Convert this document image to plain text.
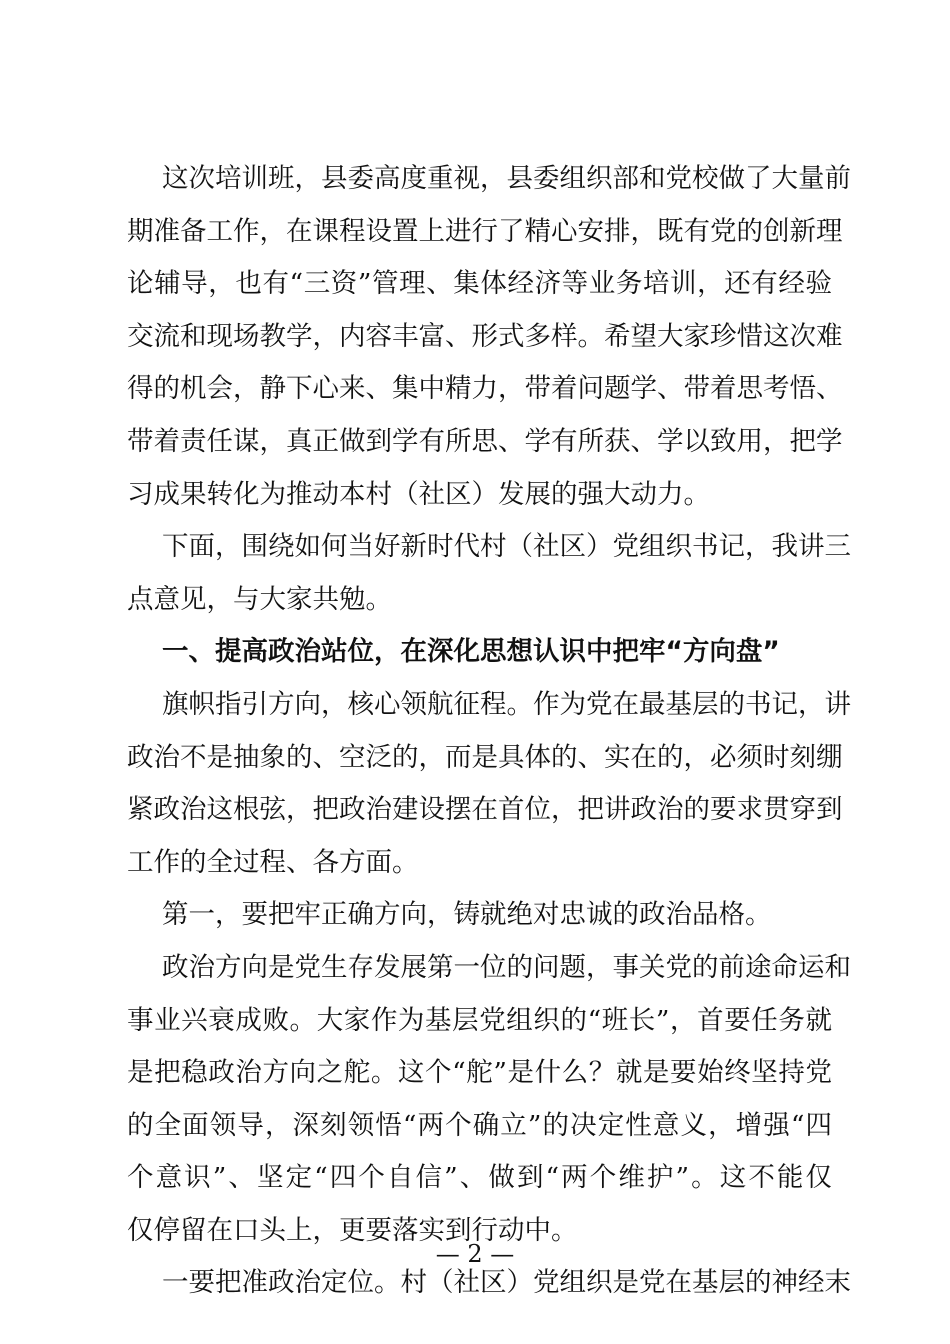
这次培训班，县委高度重视，县委组织部和党校做了大量前
期准备工作，在课程设置上进行了精心安排，既有党的创新理
论辅导，也有“三资”管理、集体经济等业务培训，还有经验
交流和现场教学，内容丰富、形式多样。希望大家珍惜这次难
得的机会，静下心来、集中精力，带着问题学、带着思考悟、
带着责任谋，真正做到学有所思、学有所获、学以致用，把学
习成果转化为推动本村（社区）发展的强大动力。
下面，围绕如何当好新时代村（社区）党组织书记，我讲三
点意见，与大家共勉。
一、提高政治站位，在深化思想认识中把牢“方向盘”
旗帜指引方向，核心领航征程。作为党在最基层的书记，讲
政治不是抽象的、空泛的，而是具体的、实在的，必须时刻绷
紧政治这根弦，把政治建设摆在首位，把讲政治的要求贯穿到
工作的全过程、各方面。
第一，要把牢正确方向，铸就绝对忠诚的政治品格。
政治方向是党生存发展第一位的问题，事关党的前途命运和
事业兴衰成败。大家作为基层党组织的“班长”，首要任务就
是把稳政治方向之舵。这个“舵”是什么？就是要始终坚持党
的全面领导，深刻领悟“两个确立”的决定性意义，增强“四
个意识”、坚定“四个自信”、做到“两个维护”。这不能仅
仅停留在口头上，更要落实到行动中。
一要把准政治定位。村（社区）党组织是党在基层的神经末
— 2 —
